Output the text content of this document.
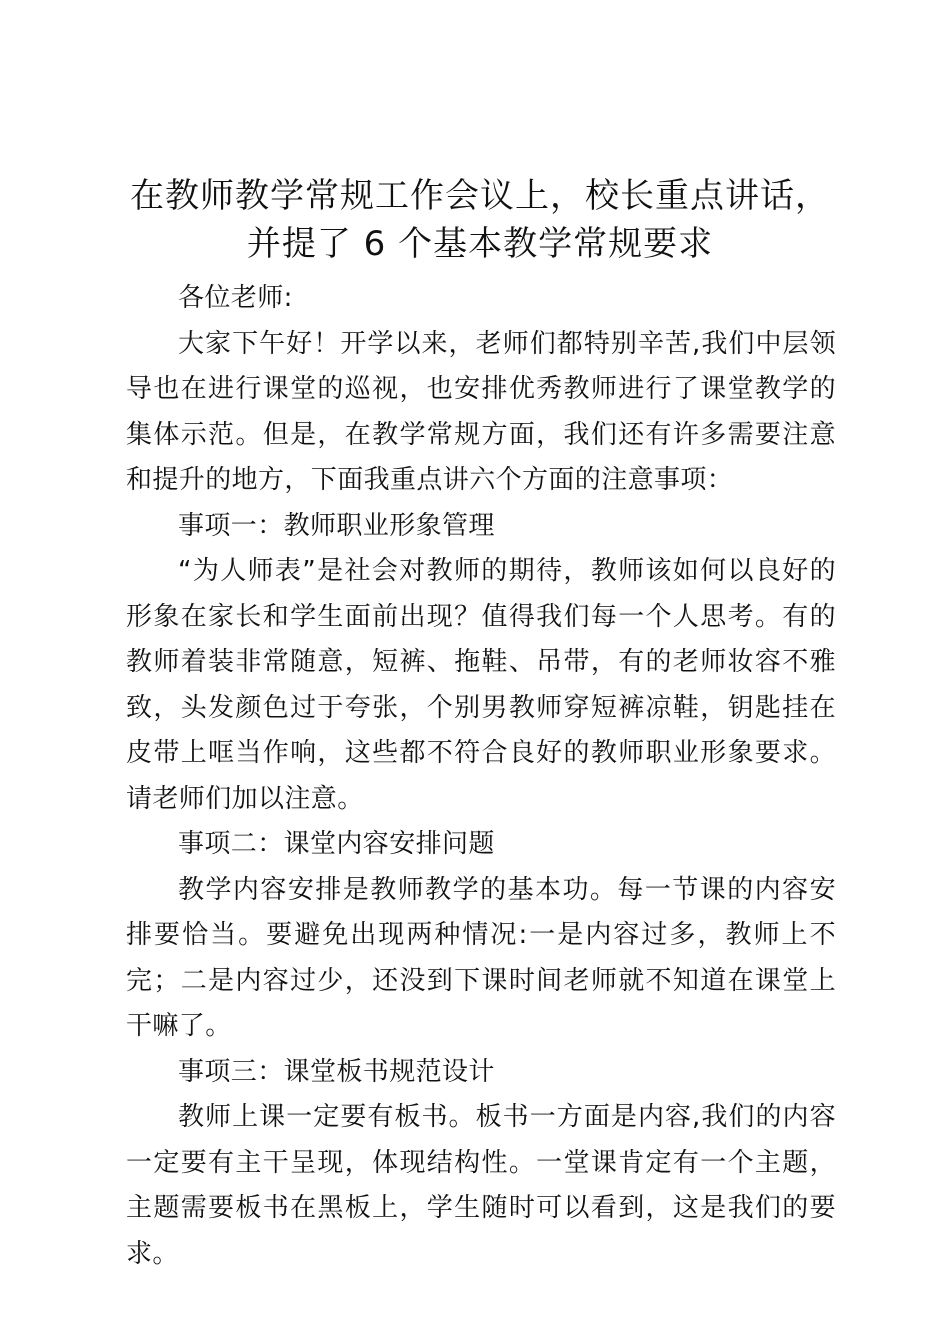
在教师教学常规工作会议上，校长重点讲话，
并提了 6 个基本教学常规要求

各位老师:

大家下午好！开学以来，老师们都特别辛苦,我们中层领导也在进行课堂的巡视，也安排优秀教师进行了课堂教学的集体示范。但是，在教学常规方面，我们还有许多需要注意和提升的地方，下面我重点讲六个方面的注意事项：

事项一：教师职业形象管理

“为人师表”是社会对教师的期待，教师该如何以良好的形象在家长和学生面前出现？值得我们每一个人思考。有的教师着装非常随意，短裤、拖鞋、吊带，有的老师妆容不雅致，头发颜色过于夸张，个别男教师穿短裤凉鞋，钥匙挂在皮带上哐当作响，这些都不符合良好的教师职业形象要求。请老师们加以注意。

事项二：课堂内容安排问题

教学内容安排是教师教学的基本功。每一节课的内容安排要恰当。要避免出现两种情况:一是内容过多，教师上不完；二是内容过少，还没到下课时间老师就不知道在课堂上干嘛了。

事项三：课堂板书规范设计

教师上课一定要有板书。板书一方面是内容,我们的内容一定要有主干呈现，体现结构性。一堂课肯定有一个主题，主题需要板书在黑板上，学生随时可以看到，这是我们的要求。
